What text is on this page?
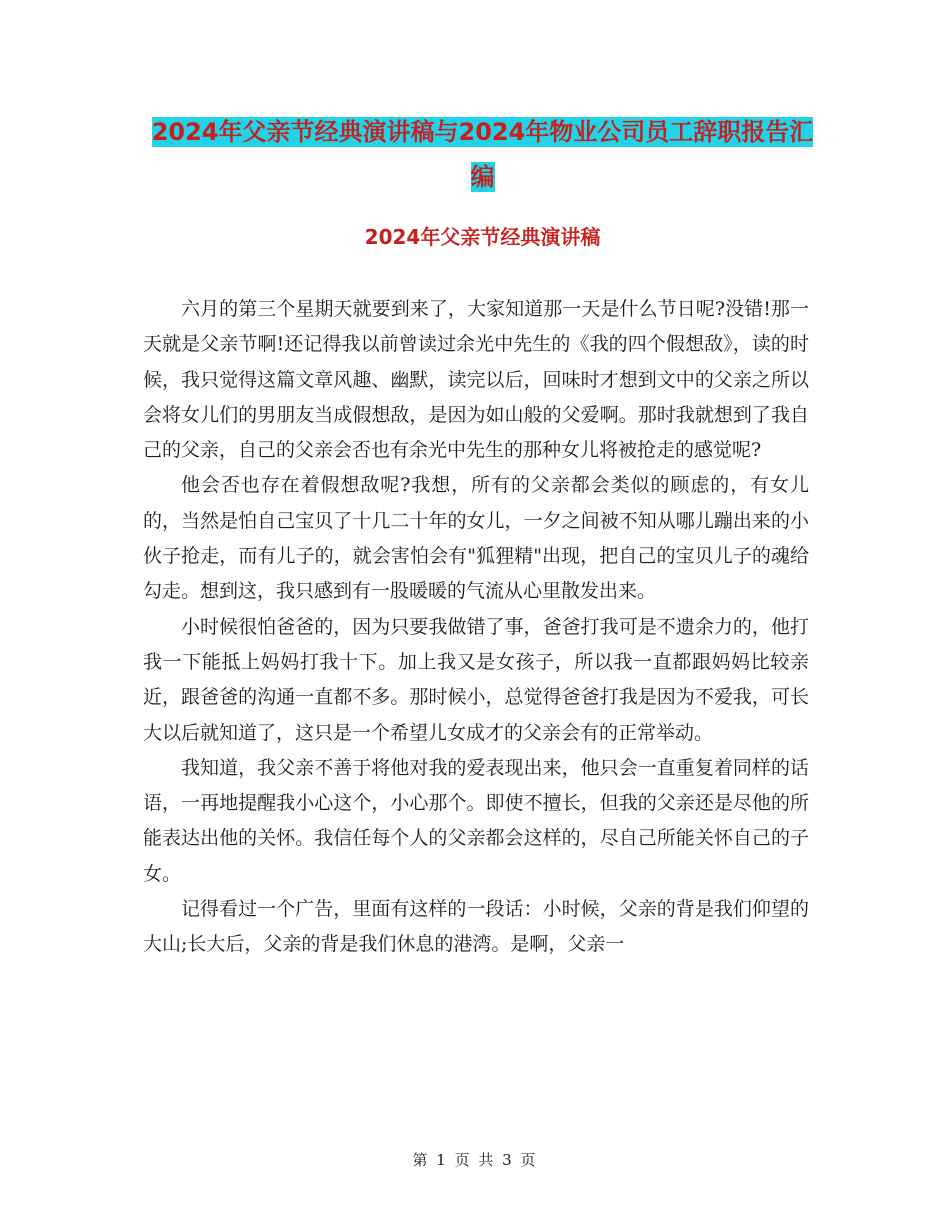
2024年父亲节经典演讲稿与2024年物业公司员工辞职报告汇编
2024年父亲节经典演讲稿

六月的第三个星期天就要到来了，大家知道那一天是什么节日呢?没错!那一天就是父亲节啊!还记得我以前曾读过余光中先生的《我的四个假想敌》，读的时候，我只觉得这篇文章风趣、幽默，读完以后，回味时才想到文中的父亲之所以会将女儿们的男朋友当成假想敌，是因为如山般的父爱啊。那时我就想到了我自己的父亲，自己的父亲会否也有余光中先生的那种女儿将被抢走的感觉呢?

他会否也存在着假想敌呢?我想，所有的父亲都会类似的顾虑的，有女儿的，当然是怕自己宝贝了十几二十年的女儿，一夕之间被不知从哪儿蹦出来的小伙子抢走，而有儿子的，就会害怕会有"狐狸精"出现，把自己的宝贝儿子的魂给勾走。想到这，我只感到有一股暖暖的气流从心里散发出来。

小时候很怕爸爸的，因为只要我做错了事，爸爸打我可是不遗余力的，他打我一下能抵上妈妈打我十下。加上我又是女孩子，所以我一直都跟妈妈比较亲近，跟爸爸的沟通一直都不多。那时候小，总觉得爸爸打我是因为不爱我，可长大以后就知道了，这只是一个希望儿女成才的父亲会有的正常举动。

我知道，我父亲不善于将他对我的爱表现出来，他只会一直重复着同样的话语，一再地提醒我小心这个，小心那个。即使不擅长，但我的父亲还是尽他的所能表达出他的关怀。我信任每个人的父亲都会这样的，尽自己所能关怀自己的子女。

记得看过一个广告，里面有这样的一段话：小时候，父亲的背是我们仰望的大山;长大后，父亲的背是我们休息的港湾。是啊，父亲一

第 1 页 共 3 页
